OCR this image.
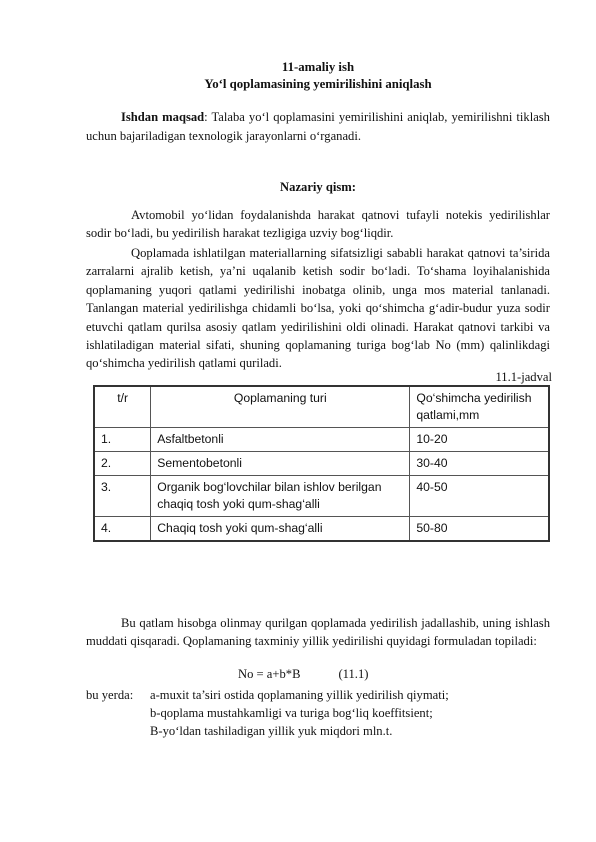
11-amaliy ish
Yo‘l qoplamasining yemirilishini aniqlash
Ishdan maqsad: Talaba yo‘l qoplamasini yemirilishini aniqlab, yemirilishni tiklash uchun bajariladigan texnologik jarayonlarni o‘rganadi.
Nazariy qism:
Avtomobil yo‘lidan foydalanishda harakat qatnovi tufayli notekis yedirilishlar sodir bo‘ladi, bu yedirilish harakat tezligiga uzviy bog‘liqdir.
Qoplamada ishlatilgan materiallarning sifatsizligi sababli harakat qatnovi ta’sirida zarralarni ajralib ketish, ya’ni uqalanib ketish sodir bo‘ladi. To‘shama loyihalanishida qoplamaning yuqori qatlami yedirilishi inobatga olinib, unga mos material tanlanadi. Tanlangan material yedirilishga chidamli bo‘lsa, yoki qo‘shimcha g‘adir-budur yuza sodir etuvchi qatlam qurilsa asosiy qatlam yedirilishini oldi olinadi. Harakat qatnovi tarkibi va ishlatiladigan material sifati, shuning qoplamaning turiga bog‘lab No (mm) qalinlikdagi qo‘shimcha yedirilish qatlami quriladi.
11.1-jadval
t/r	Qoplamaning turi	Qo‘shimcha yedirilish qatlami,mm
1.	Asfaltbetonli	10-20
2.	Sementobetonli	30-40
3.	Organik bog‘lovchilar bilan ishlov berilgan chaqiq tosh yoki qum-shag‘alli	40-50
4.	Chaqiq tosh yoki qum-shag‘alli	50-80
Bu qatlam hisobga olinmay qurilgan qoplamada yedirilish jadallashib, uning ishlash muddati qisqaradi. Qoplamaning taxminiy yillik yedirilishi quyidagi formuladan topiladi:
No = a+b*B	(11.1)
bu yerda: a-muxit ta’siri ostida qoplamaning yillik yedirilish qiymati;
b-qoplama mustahkamligi va turiga bog‘liq koeffitsient;
B-yo‘ldan tashiladigan yillik yuk miqdori mln.t.
